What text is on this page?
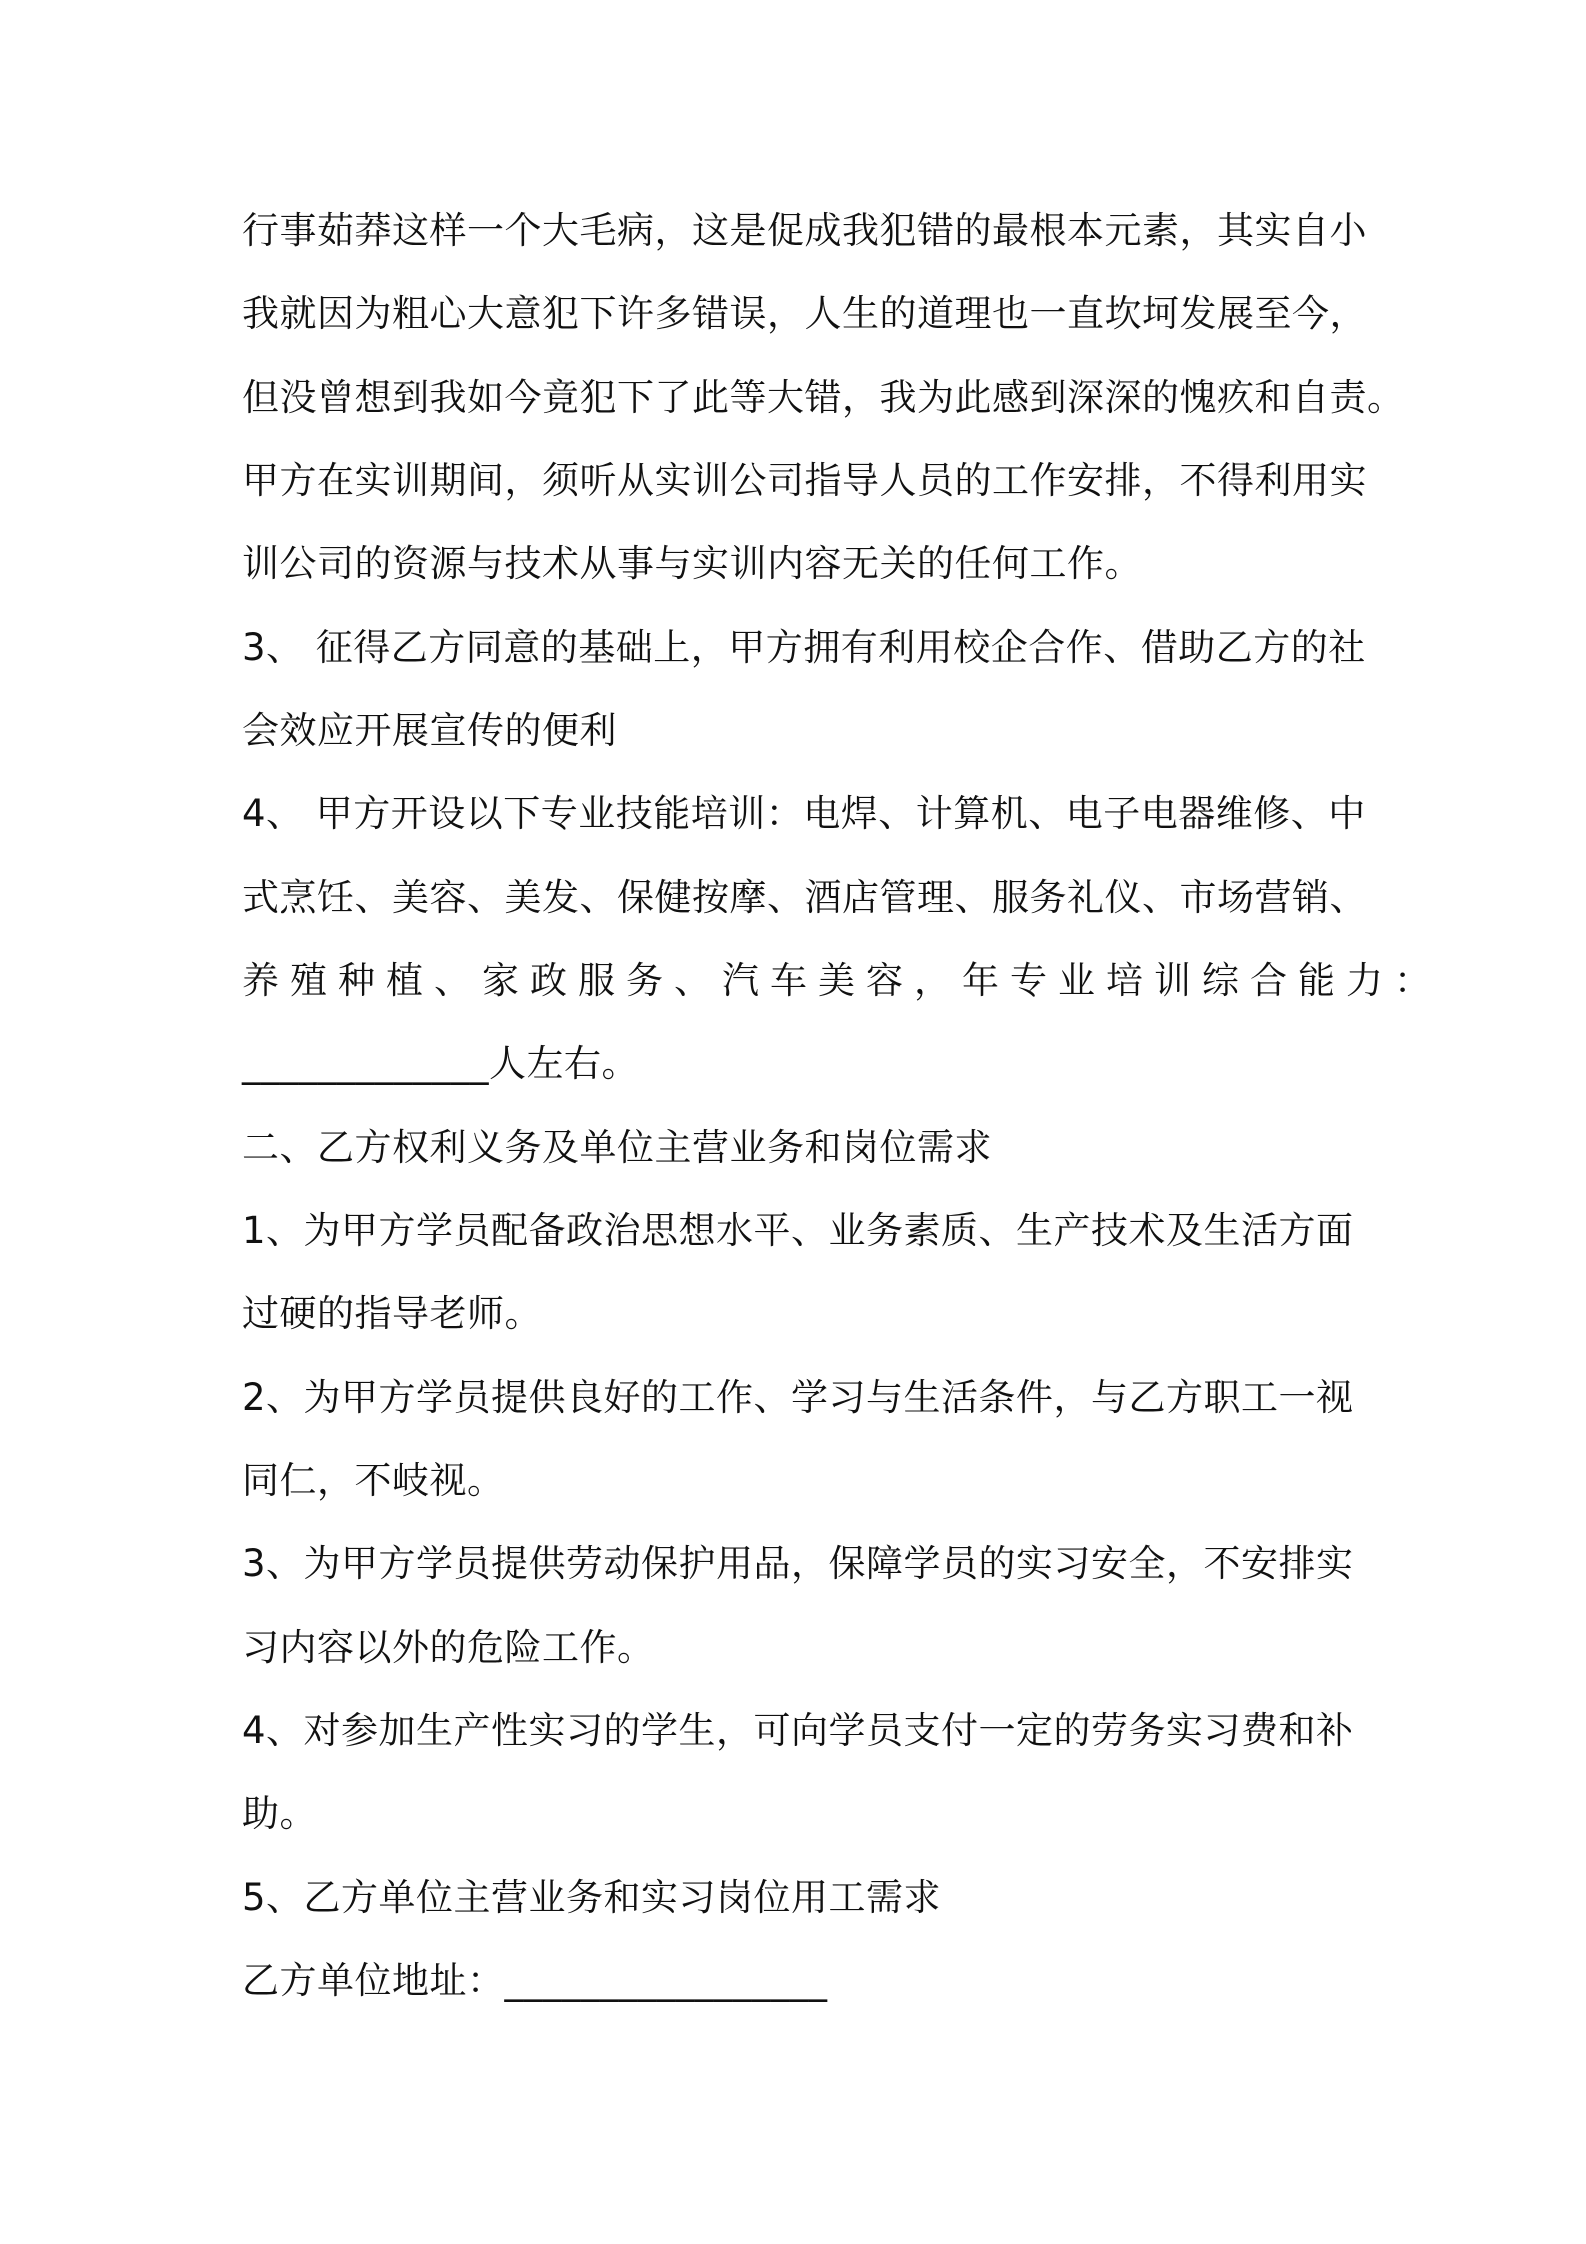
行事茹莽这样一个大毛病，这是促成我犯错的最根本元素，其实自小
我就因为粗心大意犯下许多错误，人生的道理也一直坎坷发展至今，
但没曾想到我如今竟犯下了此等大错，我为此感到深深的愧疚和自责。
甲方在实训期间，须听从实训公司指导人员的工作安排，不得利用实
训公司的资源与技术从事与实训内容无关的任何工作。
3、 征得乙方同意的基础上，甲方拥有利用校企合作、借助乙方的社
会效应开展宣传的便利
4、 甲方开设以下专业技能培训：电焊、计算机、电子电器维修、中
式烹饪、美容、美发、保健按摩、酒店管理、服务礼仪、市场营销、
养殖种植、家政服务、汽车美容，年专业培训综合能力：
_____________人左右。
二、乙方权利义务及单位主营业务和岗位需求
1、为甲方学员配备政治思想水平、业务素质、生产技术及生活方面
过硬的指导老师。
2、为甲方学员提供良好的工作、学习与生活条件，与乙方职工一视
同仁，不岐视。
3、为甲方学员提供劳动保护用品，保障学员的实习安全，不安排实
习内容以外的危险工作。
4、对参加生产性实习的学生，可向学员支付一定的劳务实习费和补
助。
5、乙方单位主营业务和实习岗位用工需求
乙方单位地址：_________________
